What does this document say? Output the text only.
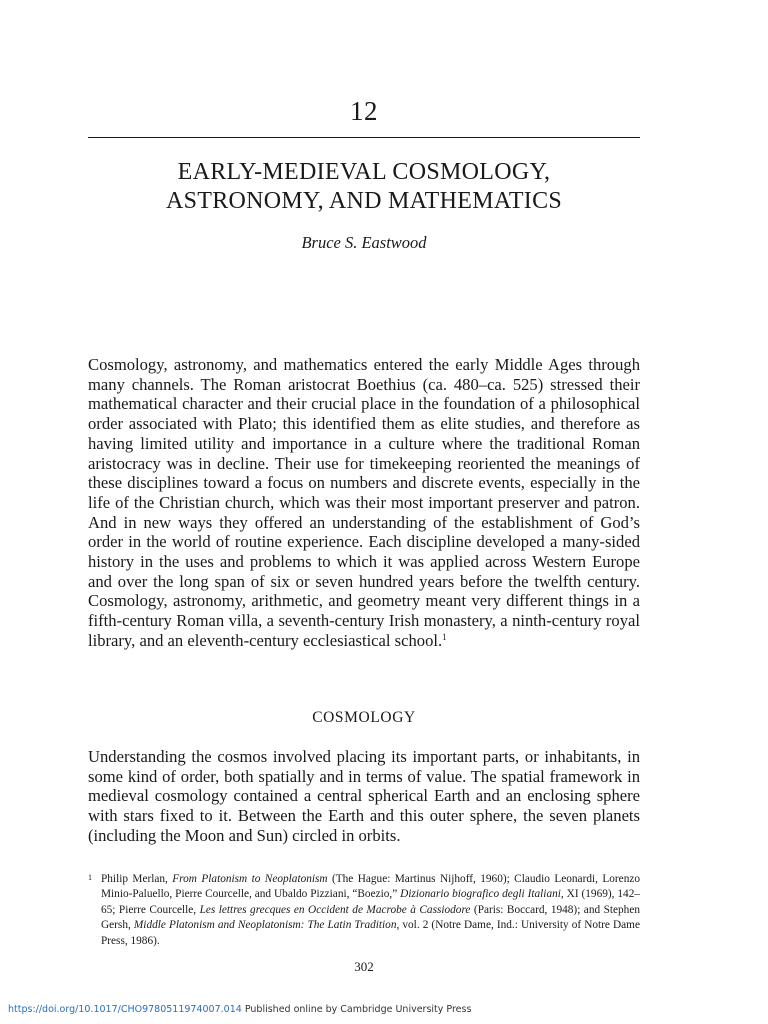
12
EARLY-MEDIEVAL COSMOLOGY,
ASTRONOMY, AND MATHEMATICS
Bruce S. Eastwood

Cosmology, astronomy, and mathematics entered the early Middle Ages through many channels. The Roman aristocrat Boethius (ca. 480–ca. 525) stressed their mathematical character and their crucial place in the foundation of a philosophical order associated with Plato; this identified them as elite studies, and therefore as having limited utility and importance in a culture where the traditional Roman aristocracy was in decline. Their use for timekeeping reoriented the meanings of these disciplines toward a focus on numbers and discrete events, especially in the life of the Christian church, which was their most important preserver and patron. And in new ways they offered an understanding of the establishment of God’s order in the world of routine experience. Each discipline developed a many-sided history in the uses and problems to which it was applied across Western Europe and over the long span of six or seven hundred years before the twelfth century. Cosmology, astronomy, arithmetic, and geometry meant very different things in a fifth-century Roman villa, a seventh-century Irish monastery, a ninth-century royal library, and an eleventh-century ecclesiastical school.$^1$

COSMOLOGY

Understanding the cosmos involved placing its important parts, or inhabitants, in some kind of order, both spatially and in terms of value. The spatial framework in medieval cosmology contained a central spherical Earth and an enclosing sphere with stars fixed to it. Between the Earth and this outer sphere, the seven planets (including the Moon and Sun) circled in orbits.

1 Philip Merlan, From Platonism to Neoplatonism (The Hague: Martinus Nijhoff, 1960); Claudio Leonardi, Lorenzo Minio-Paluello, Pierre Courcelle, and Ubaldo Pizziani, “Boezio,” Dizionario biografico degli Italiani, XI (1969), 142–65; Pierre Courcelle, Les lettres grecques en Occident de Macrobe à Cassiodore (Paris: Boccard, 1948); and Stephen Gersh, Middle Platonism and Neoplatonism: The Latin Tradition, vol. 2 (Notre Dame, Ind.: University of Notre Dame Press, 1986).
302
https://doi.org/10.1017/CHO9780511974007.014 Published online by Cambridge University Press
